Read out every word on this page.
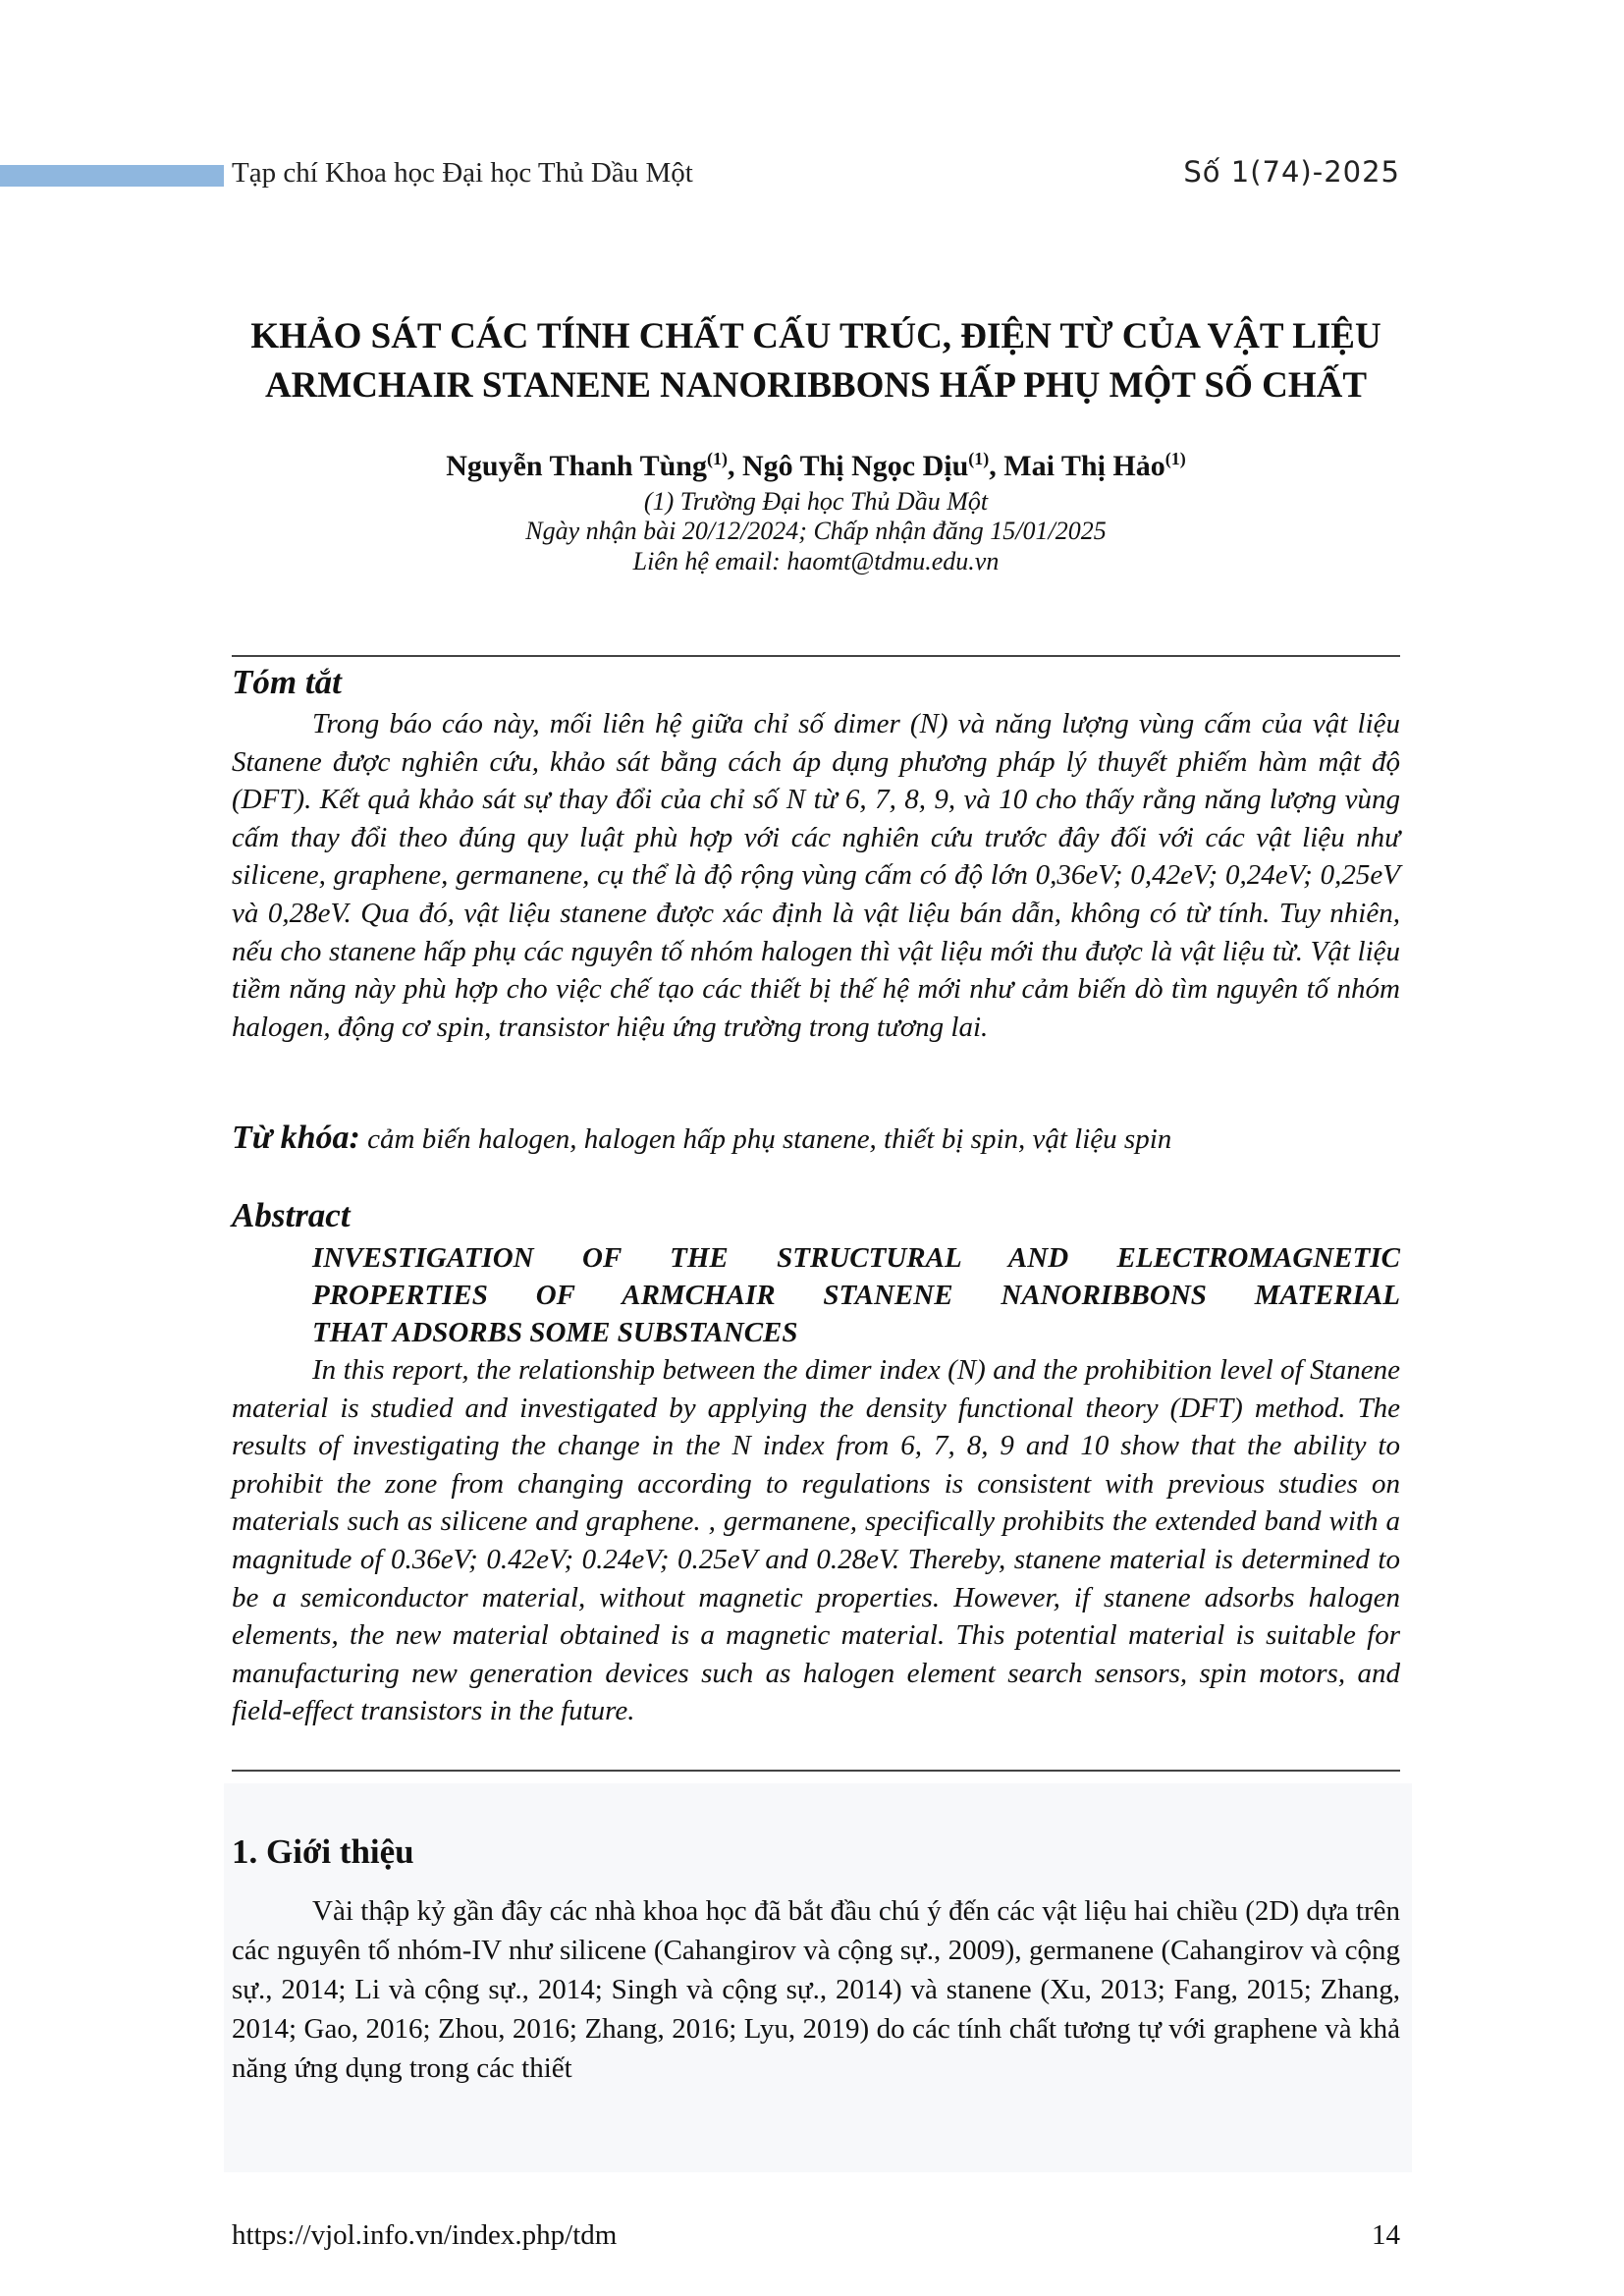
Tạp chí Khoa học Đại học Thủ Dầu Một	Số 1(74)-2025
KHẢO SÁT CÁC TÍNH CHẤT CẤU TRÚC, ĐIỆN TỪ CỦA VẬT LIỆU ARMCHAIR STANENE NANORIBBONS HẤP PHỤ MỘT SỐ CHẤT
Nguyễn Thanh Tùng$^{(1)}$, Ngô Thị Ngọc Dịu$^{(1)}$, Mai Thị Hảo$^{(1)}$
(1) Trường Đại học Thủ Dầu Một
Ngày nhận bài 20/12/2024; Chấp nhận đăng 15/01/2025
Liên hệ email: haomt@tdmu.edu.vn
Tóm tắt
Trong báo cáo này, mối liên hệ giữa chỉ số dimer (N) và năng lượng vùng cấm của vật liệu Stanene được nghiên cứu, khảo sát bằng cách áp dụng phương pháp lý thuyết phiếm hàm mật độ (DFT). Kết quả khảo sát sự thay đổi của chỉ số N từ 6, 7, 8, 9, và 10 cho thấy rằng năng lượng vùng cấm thay đổi theo đúng quy luật phù hợp với các nghiên cứu trước đây đối với các vật liệu như silicene, graphene, germanene, cụ thể là độ rộng vùng cấm có độ lớn 0,36eV; 0,42eV; 0,24eV; 0,25eV và 0,28eV. Qua đó, vật liệu stanene được xác định là vật liệu bán dẫn, không có từ tính. Tuy nhiên, nếu cho stanene hấp phụ các nguyên tố nhóm halogen thì vật liệu mới thu được là vật liệu từ. Vật liệu tiềm năng này phù hợp cho việc chế tạo các thiết bị thế hệ mới như cảm biến dò tìm nguyên tố nhóm halogen, động cơ spin, transistor hiệu ứng trường trong tương lai.
Từ khóa: cảm biến halogen, halogen hấp phụ stanene, thiết bị spin, vật liệu spin
Abstract
INVESTIGATION OF THE STRUCTURAL AND ELECTROMAGNETIC
PROPERTIES OF ARMCHAIR STANENE NANORIBBONS MATERIAL
THAT ADSORBS SOME SUBSTANCES
In this report, the relationship between the dimer index (N) and the prohibition level of Stanene material is studied and investigated by applying the density functional theory (DFT) method. The results of investigating the change in the N index from 6, 7, 8, 9 and 10 show that the ability to prohibit the zone from changing according to regulations is consistent with previous studies on materials such as silicene and graphene. , germanene, specifically prohibits the extended band with a magnitude of 0.36eV; 0.42eV; 0.24eV; 0.25eV and 0.28eV. Thereby, stanene material is determined to be a semiconductor material, without magnetic properties. However, if stanene adsorbs halogen elements, the new material obtained is a magnetic material. This potential material is suitable for manufacturing new generation devices such as halogen element search sensors, spin motors, and field-effect transistors in the future.
1. Giới thiệu
Vài thập kỷ gần đây các nhà khoa học đã bắt đầu chú ý đến các vật liệu hai chiều (2D) dựa trên các nguyên tố nhóm-IV như silicene (Cahangirov và cộng sự., 2009), germanene (Cahangirov và cộng sự., 2014; Li và cộng sự., 2014; Singh và cộng sự., 2014) và stanene (Xu, 2013; Fang, 2015; Zhang, 2014; Gao, 2016; Zhou, 2016; Zhang, 2016; Lyu, 2019) do các tính chất tương tự với graphene và khả năng ứng dụng trong các thiết
https://vjol.info.vn/index.php/tdm	14
